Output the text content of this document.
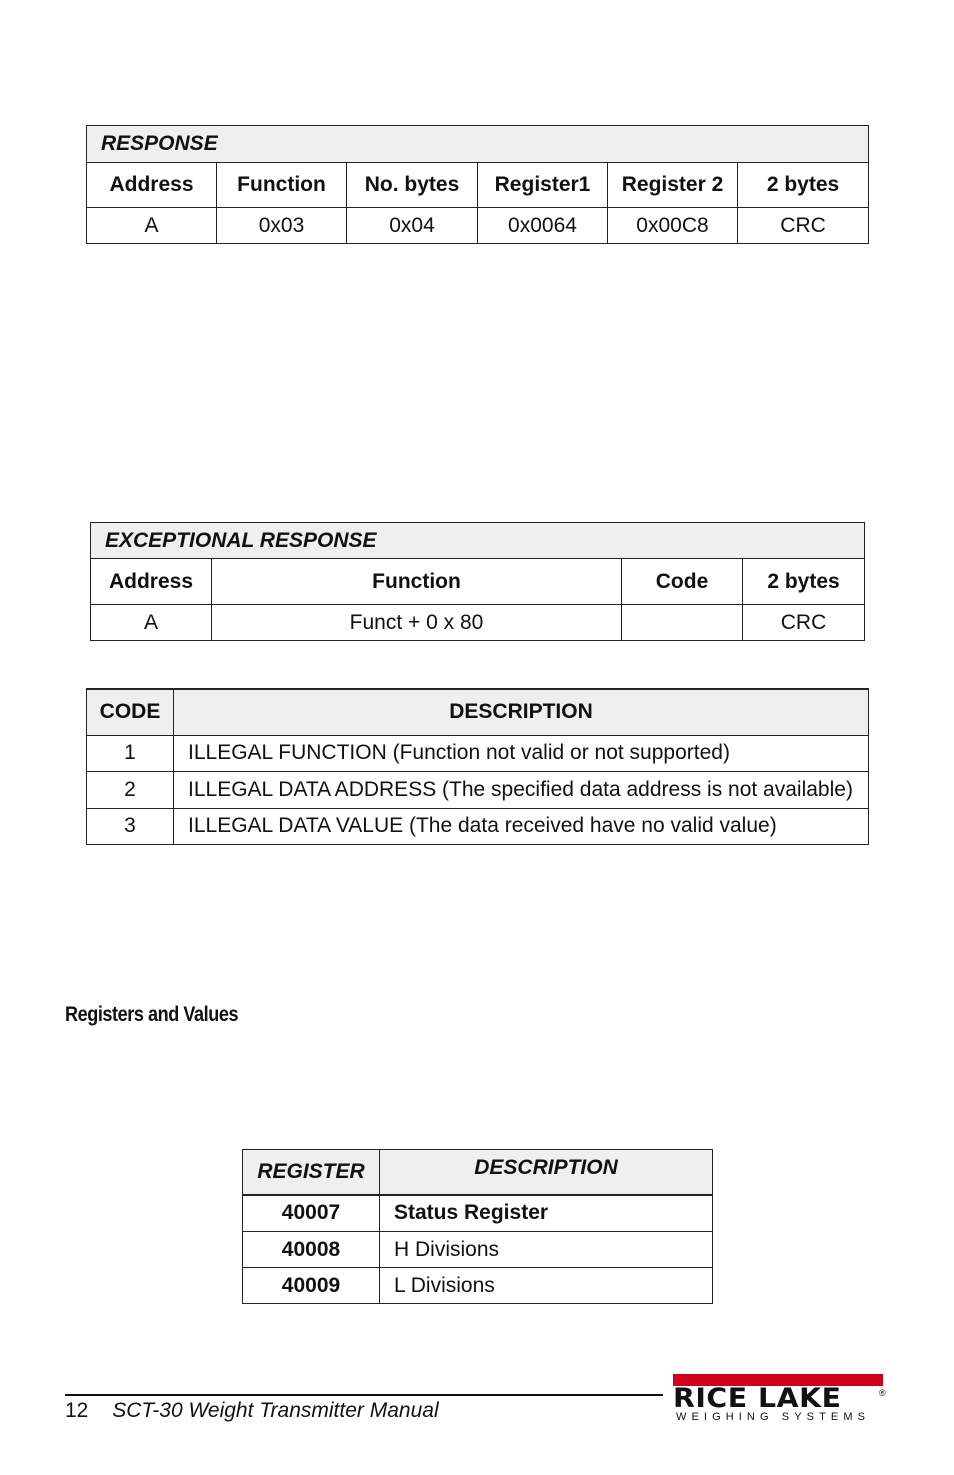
RESPONSE					
Address	Function	No. bytes	Register1	Register 2	2 bytes
A	0x03	0x04	0x0064	0x00C8	CRC
EXCEPTIONAL RESPONSE			
Address	Function	Code	2 bytes
A	Funct + 0 x 80		CRC
CODE	DESCRIPTION
1	ILLEGAL FUNCTION (Function not valid or not supported)
2	ILLEGAL DATA ADDRESS (The specified data address is not available)
3	ILLEGAL DATA VALUE (The data received have no valid value)
Registers and Values
REGISTER	DESCRIPTION
40007	Status Register
40008	H Divisions
40009	L Divisions
12 SCT-30 Weight Transmitter Manual	RICE LAKE	®
WEIGHING SYSTEMS
